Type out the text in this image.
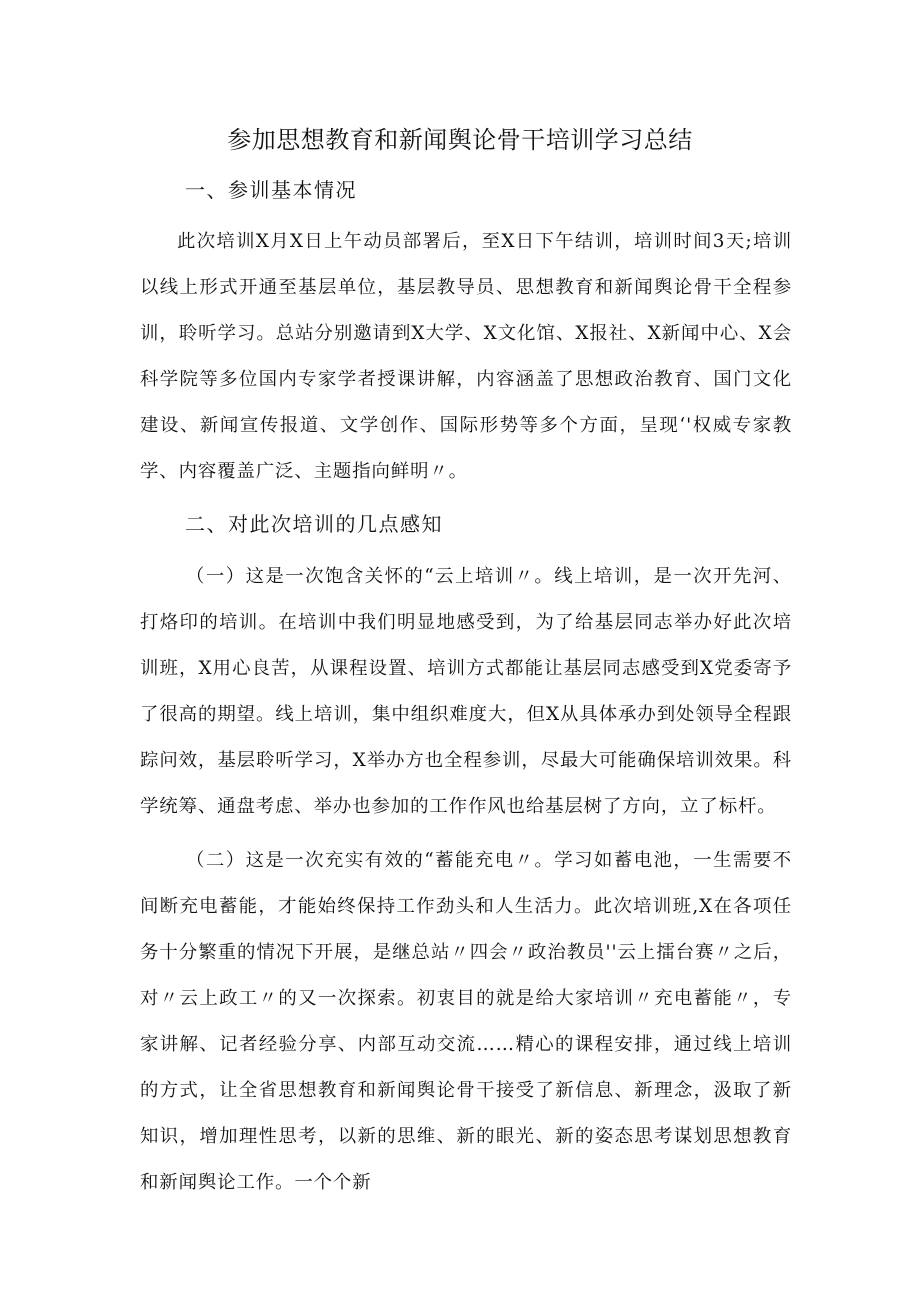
参加思想教育和新闻舆论骨干培训学习总结
一、参训基本情况

此次培训X月X日上午动员部署后，至X日下午结训，培训时间3天;培训以线上形式开通至基层单位，基层教导员、思想教育和新闻舆论骨干全程参训，聆听学习。总站分别邀请到X大学、X文化馆、X报社、X新闻中心、X会科学院等多位国内专家学者授课讲解，内容涵盖了思想政治教育、国门文化建设、新闻宣传报道、文学创作、国际形势等多个方面，呈现‘'权威专家教学、内容覆盖广泛、主题指向鲜明〃。

二、对此次培训的几点感知

（一）这是一次饱含关怀的“云上培训〃。线上培训，是一次开先河、打烙印的培训。在培训中我们明显地感受到，为了给基层同志举办好此次培训班，X用心良苦，从课程设置、培训方式都能让基层同志感受到X党委寄予了很高的期望。线上培训，集中组织难度大，但X从具体承办到处领导全程跟踪问效，基层聆听学习，X举办方也全程参训，尽最大可能确保培训效果。科学统筹、通盘考虑、举办也参加的工作作风也给基层树了方向，立了标杆。

（二）这是一次充实有效的“蓄能充电〃。学习如蓄电池，一生需要不间断充电蓄能，才能始终保持工作劲头和人生活力。此次培训班,X在各项任务十分繁重的情况下开展，是继总站〃四会〃政治教员''云上擂台赛〃之后，对〃云上政工〃的又一次探索。初衷目的就是给大家培训〃充电蓄能〃，专家讲解、记者经验分享、内部互动交流……精心的课程安排，通过线上培训的方式，让全省思想教育和新闻舆论骨干接受了新信息、新理念，汲取了新知识，增加理性思考，以新的思维、新的眼光、新的姿态思考谋划思想教育和新闻舆论工作。一个个新
